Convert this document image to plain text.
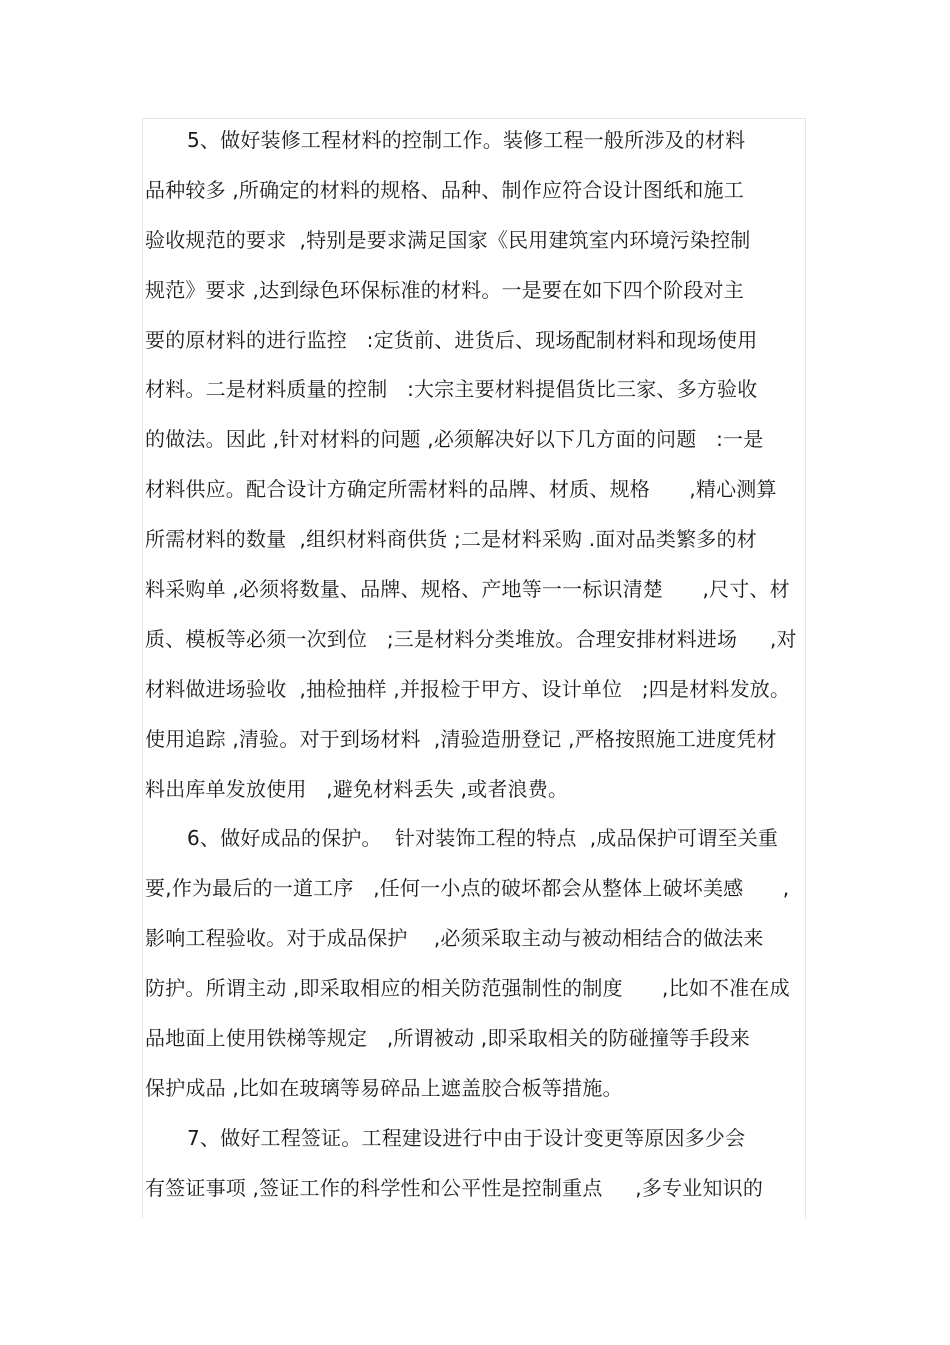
5、做好装修工程材料的控制工作。装修工程一般所涉及的材料
品种较多 ,所确定的材料的规格、品种、制作应符合设计图纸和施工
验收规范的要求  ,特别是要求满足国家《民用建筑室内环境污染控制
规范》要求 ,达到绿色环保标准的材料。一是要在如下四个阶段对主
要的原材料的进行监控   :定货前、进货后、现场配制材料和现场使用
材料。二是材料质量的控制   :大宗主要材料提倡货比三家、多方验收
的做法。因此 ,针对材料的问题 ,必须解决好以下几方面的问题   :一是
材料供应。配合设计方确定所需材料的品牌、材质、规格      ,精心测算
所需材料的数量  ,组织材料商供货 ;二是材料采购 .面对品类繁多的材
料采购单 ,必须将数量、品牌、规格、产地等一一标识清楚      ,尺寸、材
质、模板等必须一次到位   ;三是材料分类堆放。合理安排材料进场     ,对
材料做进场验收  ,抽检抽样 ,并报检于甲方、设计单位   ;四是材料发放。
使用追踪 ,清验。对于到场材料  ,清验造册登记 ,严格按照施工进度凭材
料出库单发放使用   ,避免材料丢失 ,或者浪费。
6、做好成品的保护。  针对装饰工程的特点  ,成品保护可谓至关重
要,作为最后的一道工序   ,任何一小点的破坏都会从整体上破坏美感      ,
影响工程验收。对于成品保护    ,必须采取主动与被动相结合的做法来
防护。所谓主动 ,即采取相应的相关防范强制性的制度      ,比如不准在成
品地面上使用铁梯等规定   ,所谓被动 ,即采取相关的防碰撞等手段来
保护成品 ,比如在玻璃等易碎品上遮盖胶合板等措施。
7、做好工程签证。工程建设进行中由于设计变更等原因多少会
有签证事项 ,签证工作的科学性和公平性是控制重点     ,多专业知识的
